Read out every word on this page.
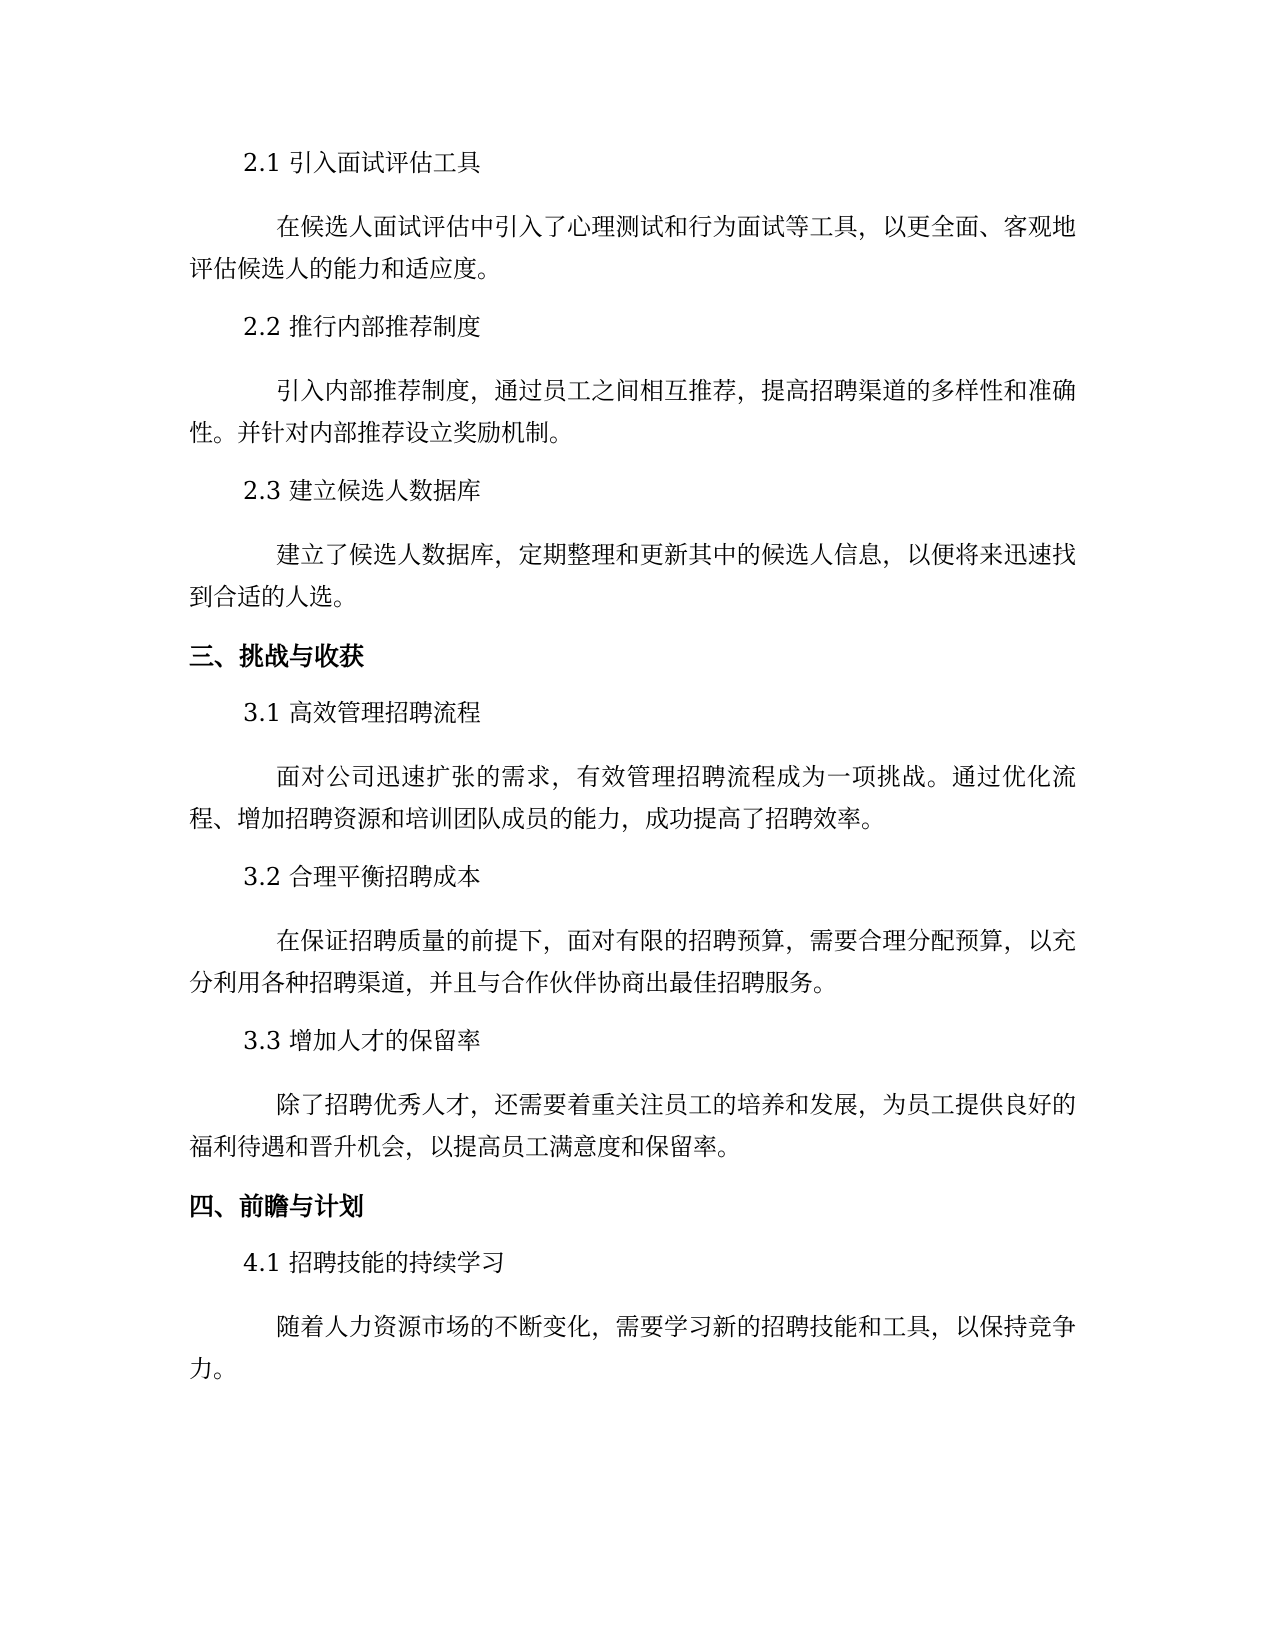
2.1 引入面试评估工具

在候选人面试评估中引入了心理测试和行为面试等工具，以更全面、客观地评估候选人的能力和适应度。

2.2 推行内部推荐制度

引入内部推荐制度，通过员工之间相互推荐，提高招聘渠道的多样性和准确性。并针对内部推荐设立奖励机制。

2.3 建立候选人数据库

建立了候选人数据库，定期整理和更新其中的候选人信息，以便将来迅速找到合适的人选。

三、挑战与收获

3.1 高效管理招聘流程

面对公司迅速扩张的需求，有效管理招聘流程成为一项挑战。通过优化流程、增加招聘资源和培训团队成员的能力，成功提高了招聘效率。

3.2 合理平衡招聘成本

在保证招聘质量的前提下，面对有限的招聘预算，需要合理分配预算，以充分利用各种招聘渠道，并且与合作伙伴协商出最佳招聘服务。

3.3 增加人才的保留率

除了招聘优秀人才，还需要着重关注员工的培养和发展，为员工提供良好的福利待遇和晋升机会，以提高员工满意度和保留率。

四、前瞻与计划

4.1 招聘技能的持续学习

随着人力资源市场的不断变化，需要学习新的招聘技能和工具，以保持竞争力。
